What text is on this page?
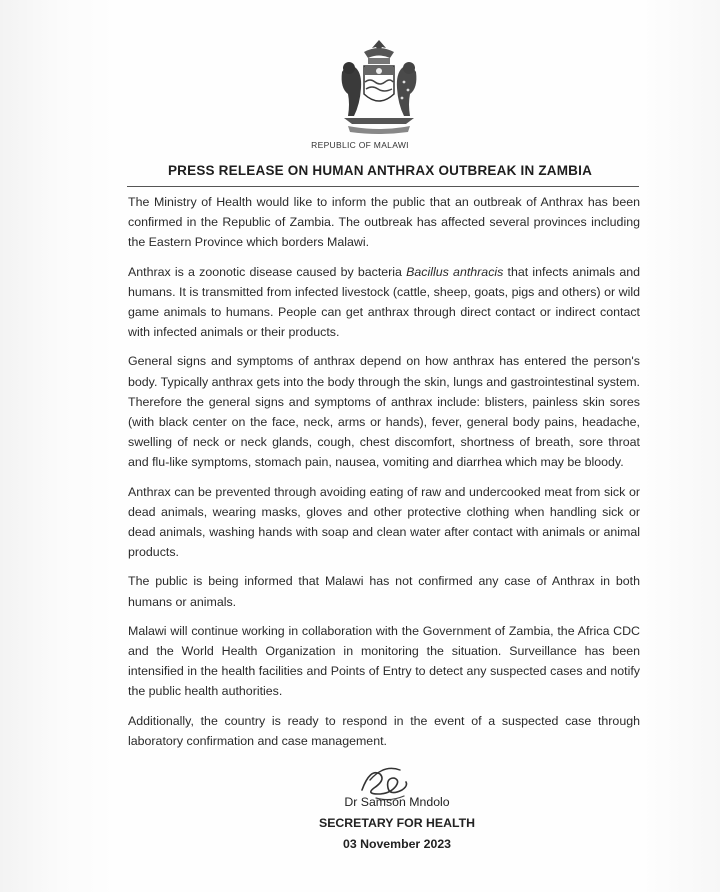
REPUBLIC OF MALAWI
PRESS RELEASE ON HUMAN ANTHRAX OUTBREAK IN ZAMBIA

The Ministry of Health would like to inform the public that an outbreak of Anthrax has been confirmed in the Republic of Zambia. The outbreak has affected several provinces including the Eastern Province which borders Malawi.

Anthrax is a zoonotic disease caused by bacteria Bacillus anthracis that infects animals and humans. It is transmitted from infected livestock (cattle, sheep, goats, pigs and others) or wild game animals to humans. People can get anthrax through direct contact or indirect contact with infected animals or their products.

General signs and symptoms of anthrax depend on how anthrax has entered the person's body. Typically anthrax gets into the body through the skin, lungs and gastrointestinal system. Therefore the general signs and symptoms of anthrax include: blisters, painless skin sores (with black center on the face, neck, arms or hands), fever, general body pains, headache, swelling of neck or neck glands, cough, chest discomfort, shortness of breath, sore throat and flu-like symptoms, stomach pain, nausea, vomiting and diarrhea which may be bloody.

Anthrax can be prevented through avoiding eating of raw and undercooked meat from sick or dead animals, wearing masks, gloves and other protective clothing when handling sick or dead animals, washing hands with soap and clean water after contact with animals or animal products.

The public is being informed that Malawi has not confirmed any case of Anthrax in both humans or animals.

Malawi will continue working in collaboration with the Government of Zambia, the Africa CDC and the World Health Organization in monitoring the situation. Surveillance has been intensified in the health facilities and Points of Entry to detect any suspected cases and notify the public health authorities.

Additionally, the country is ready to respond in the event of a suspected case through laboratory confirmation and case management.

Dr Samson Mndolo
SECRETARY FOR HEALTH
03 November 2023
